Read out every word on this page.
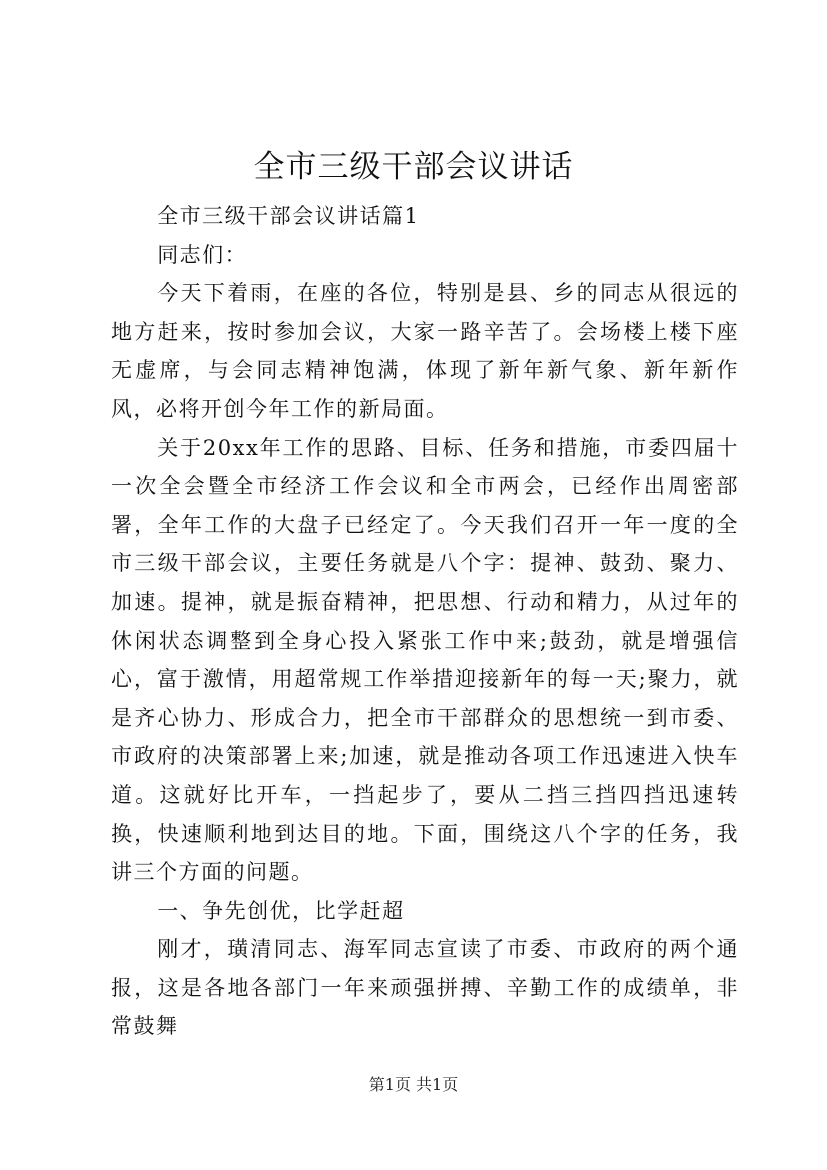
全市三级干部会议讲话

全市三级干部会议讲话篇1

同志们：

今天下着雨，在座的各位，特别是县、乡的同志从很远的地方赶来，按时参加会议，大家一路辛苦了。会场楼上楼下座无虚席，与会同志精神饱满，体现了新年新气象、新年新作风，必将开创今年工作的新局面。

关于20xx年工作的思路、目标、任务和措施，市委四届十一次全会暨全市经济工作会议和全市两会，已经作出周密部署，全年工作的大盘子已经定了。今天我们召开一年一度的全市三级干部会议，主要任务就是八个字：提神、鼓劲、聚力、加速。提神，就是振奋精神，把思想、行动和精力，从过年的休闲状态调整到全身心投入紧张工作中来;鼓劲，就是增强信心，富于激情，用超常规工作举措迎接新年的每一天;聚力，就是齐心协力、形成合力，把全市干部群众的思想统一到市委、市政府的决策部署上来;加速，就是推动各项工作迅速进入快车道。这就好比开车，一挡起步了，要从二挡三挡四挡迅速转换，快速顺利地到达目的地。下面，围绕这八个字的任务，我讲三个方面的问题。

一、争先创优，比学赶超

刚才，璜清同志、海军同志宣读了市委、市政府的两个通报，这是各地各部门一年来顽强拼搏、辛勤工作的成绩单，非常鼓舞

第1页 共1页
